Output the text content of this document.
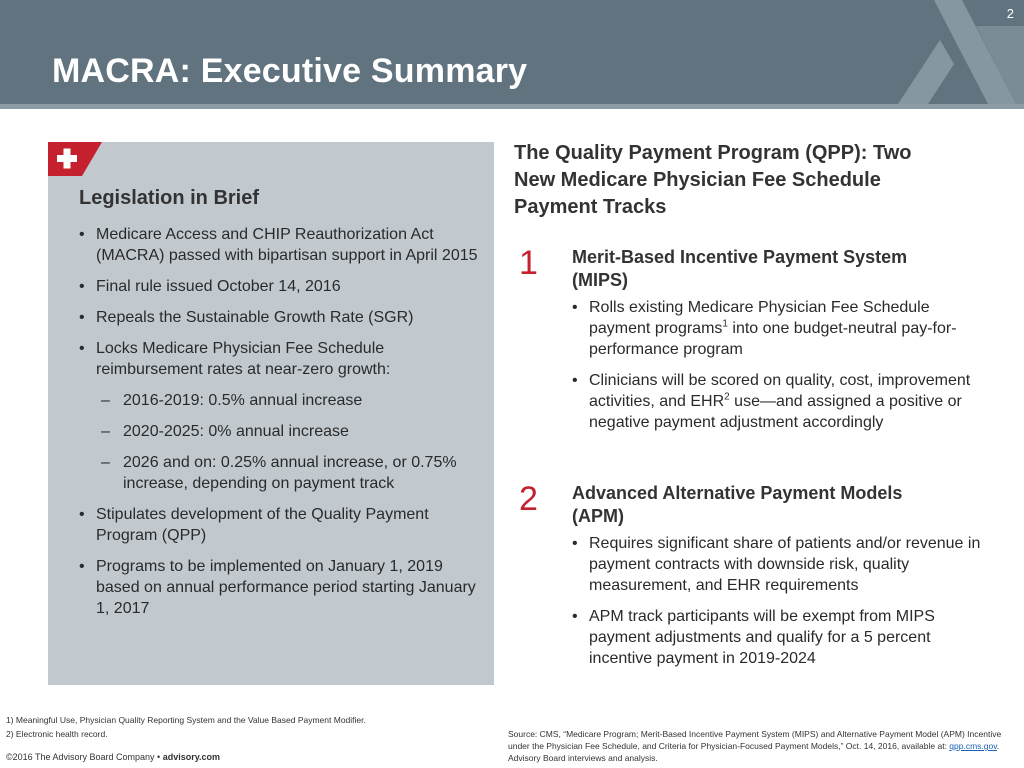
2
MACRA: Executive Summary
Legislation in Brief
• Medicare Access and CHIP Reauthorization Act (MACRA) passed with bipartisan support in April 2015
• Final rule issued October 14, 2016
• Repeals the Sustainable Growth Rate (SGR)
• Locks Medicare Physician Fee Schedule reimbursement rates at near-zero growth:
– 2016-2019: 0.5% annual increase
– 2020-2025: 0% annual increase
– 2026 and on: 0.25% annual increase, or 0.75% increase, depending on payment track
• Stipulates development of the Quality Payment Program (QPP)
• Programs to be implemented on January 1, 2019 based on annual performance period starting January 1, 2017
The Quality Payment Program (QPP): Two New Medicare Physician Fee Schedule Payment Tracks
1 Merit-Based Incentive Payment System (MIPS)
• Rolls existing Medicare Physician Fee Schedule payment programs$^1$ into one budget-neutral pay-for-performance program
• Clinicians will be scored on quality, cost, improvement activities, and EHR$^2$ use—and assigned a positive or negative payment adjustment accordingly
2 Advanced Alternative Payment Models (APM)
• Requires significant share of patients and/or revenue in payment contracts with downside risk, quality measurement, and EHR requirements
• APM track participants will be exempt from MIPS payment adjustments and qualify for a 5 percent incentive payment in 2019-2024
1) Meaningful Use, Physician Quality Reporting System and the Value Based Payment Modifier.
2) Electronic health record.
©2016 The Advisory Board Company • advisory.com
Source: CMS, “Medicare Program; Merit-Based Incentive Payment System (MIPS) and Alternative Payment Model (APM) Incentive under the Physician Fee Schedule, and Criteria for Physician-Focused Payment Models,” Oct. 14, 2016, available at: qpp.cms.gov. Advisory Board interviews and analysis.
